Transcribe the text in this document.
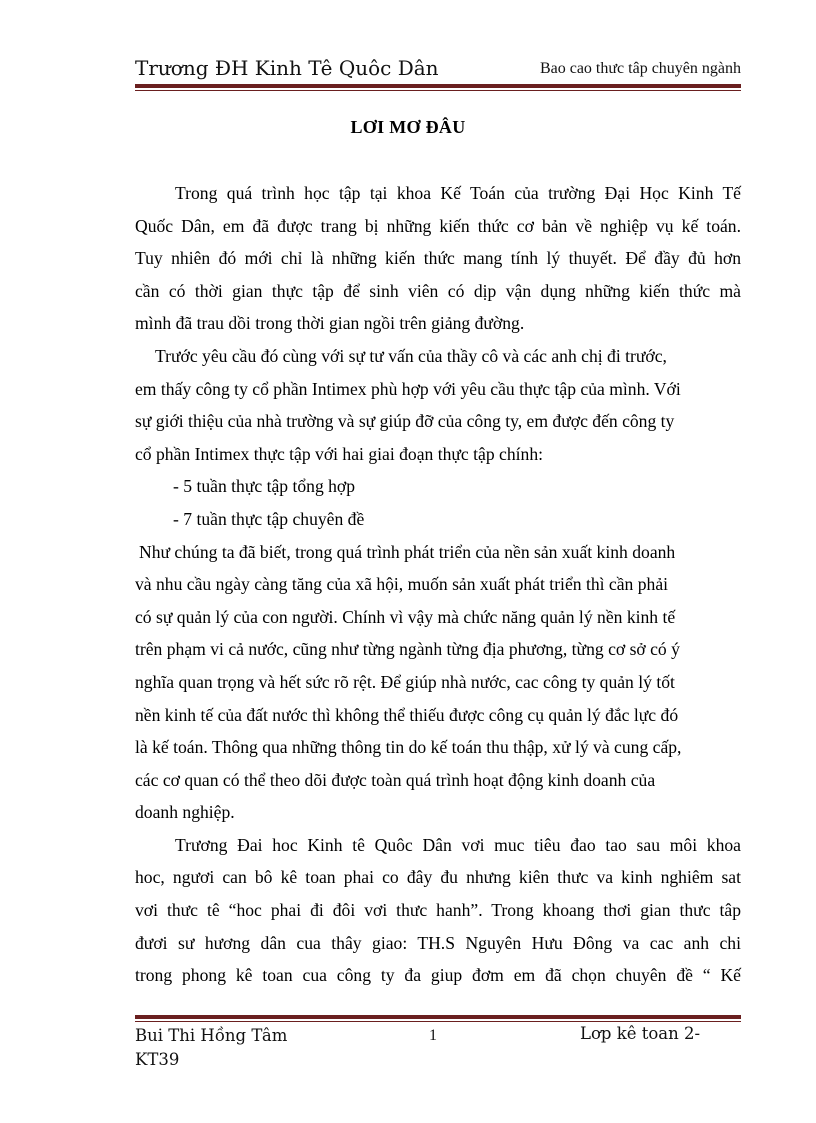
Trương ĐH Kinh Tê Quôc Dân	Bao cao thưc tâp chuyên ngành
LƠI MƠ ĐÂU

Trong quá trình học tập tại khoa Kế Toán của trường Đại Học Kinh Tế
Quốc Dân, em đã được trang bị những kiến thức cơ bản về nghiệp vụ kế toán.
Tuy nhiên đó mới chỉ là những kiến thức mang tính lý thuyết. Để đầy đủ hơn
cần có thời gian thực tập để sinh viên có dịp vận dụng những kiến thức mà
mình đã trau dồi trong thời gian ngồi trên giảng đường.

Trước yêu cầu đó cùng với sự tư vấn của thầy cô và các anh chị đi trước,
em thấy công ty cổ phần Intimex phù hợp với yêu cầu thực tập của mình. Với
sự giới thiệu của nhà trường và sự giúp đỡ của công ty, em được đến công ty
cổ phần Intimex thực tập với hai giai đoạn thực tập chính:

- 5 tuần thực tập tổng hợp

- 7 tuần thực tập chuyên đề

Như chúng ta đã biết, trong quá trình phát triển của nền sản xuất kinh doanh
và nhu cầu ngày càng tăng của xã hội, muốn sản xuất phát triển thì cần phải
có sự quản lý của con người. Chính vì vậy mà chức năng quản lý nền kinh tế
trên phạm vi cả nước, cũng như từng ngành từng địa phương, từng cơ sở có ý
nghĩa quan trọng và hết sức rõ rệt. Để giúp nhà nước, cac công ty quản lý tốt
nền kinh tế của đất nước thì không thể thiếu được công cụ quản lý đắc lực đó
là kế toán. Thông qua những thông tin do kế toán thu thập, xử lý và cung cấp,
các cơ quan có thể theo dõi được toàn quá trình hoạt động kinh doanh của
doanh nghiệp.

Trương Đai hoc Kinh tê Quôc Dân vơi muc tiêu đao tao sau môi khoa
hoc, ngươi can bô kê toan phai co đây đu nhưng kiên thưc va kinh nghiêm sat
vơi thưc tê “hoc phai đi đôi vơi thưc hanh”. Trong khoang thơi gian thưc tâp
đươi sư hương dân cua thây giao: TH.S Nguyên Hưu Đông va cac anh chi
trong phong kê toan cua công ty đa giup đơm em đã chọn chuyên đề “ Kế

Bui Thi Hồng Tâm
KT39
1	Lơp kê toan 2-
